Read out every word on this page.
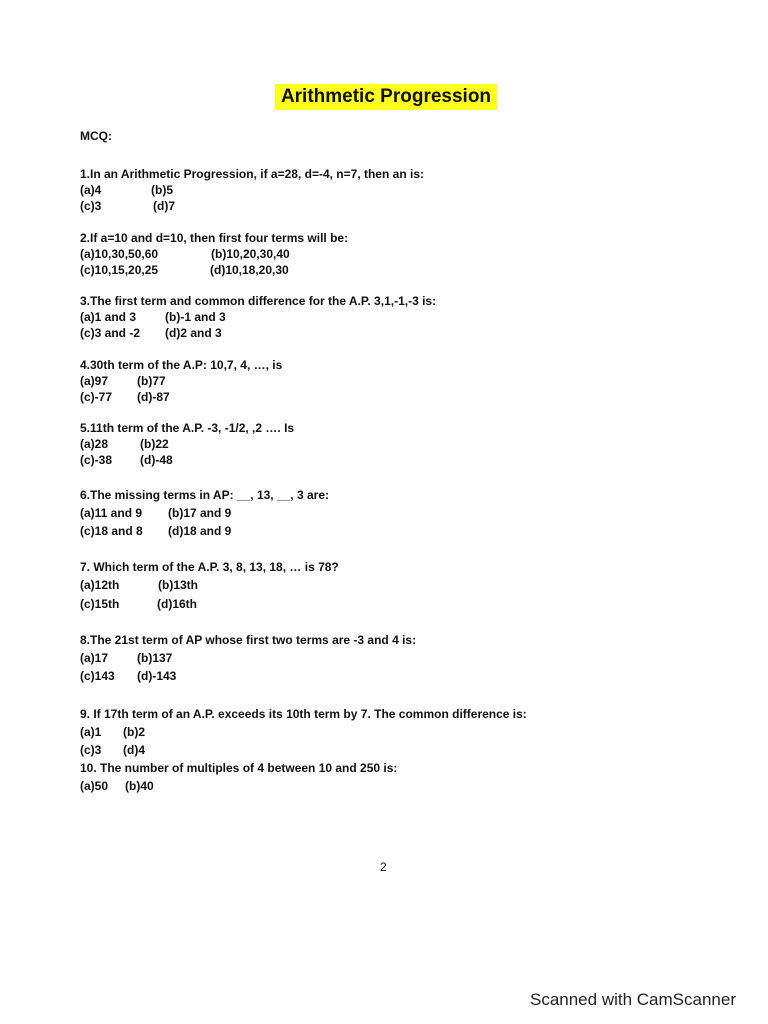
Arithmetic Progression
MCQ:
1.In an Arithmetic Progression, if a=28, d=-4, n=7, then an is:
(a)4	(b)5
(c)3	(d)7
2.If a=10 and d=10, then first four terms will be:
(a)10,30,50,60	(b)10,20,30,40
(c)10,15,20,25	(d)10,18,20,30
3.The first term and common difference for the A.P. 3,1,-1,-3 is:
(a)1 and 3 (b)-1 and 3
(c)3 and -2 (d)2 and 3
4.30th term of the A.P: 10,7, 4, …, is
(a)97 (b)77
(c)-77 (d)-87
5.11th term of the A.P. -3, -1/2, ,2 …. Is
(a)28	(b)22
(c)-38 (d)-48
6.The missing terms in AP: __, 13, __, 3 are:
(a)11 and 9 (b)17 and 9
(c)18 and 8 (d)18 and 9
7. Which term of the A.P. 3, 8, 13, 18, … is 78?
(a)12th	(b)13th
(c)15th	(d)16th
8.The 21st term of AP whose first two terms are -3 and 4 is:
(a)17 (b)137
(c)143 (d)-143
9. If 17th term of an A.P. exceeds its 10th term by 7. The common difference is:
(a)1 (b)2
(c)3 (d)4
10. The number of multiples of 4 between 10 and 250 is:
(a)50 (b)40
2
Scanned with CamScanner
